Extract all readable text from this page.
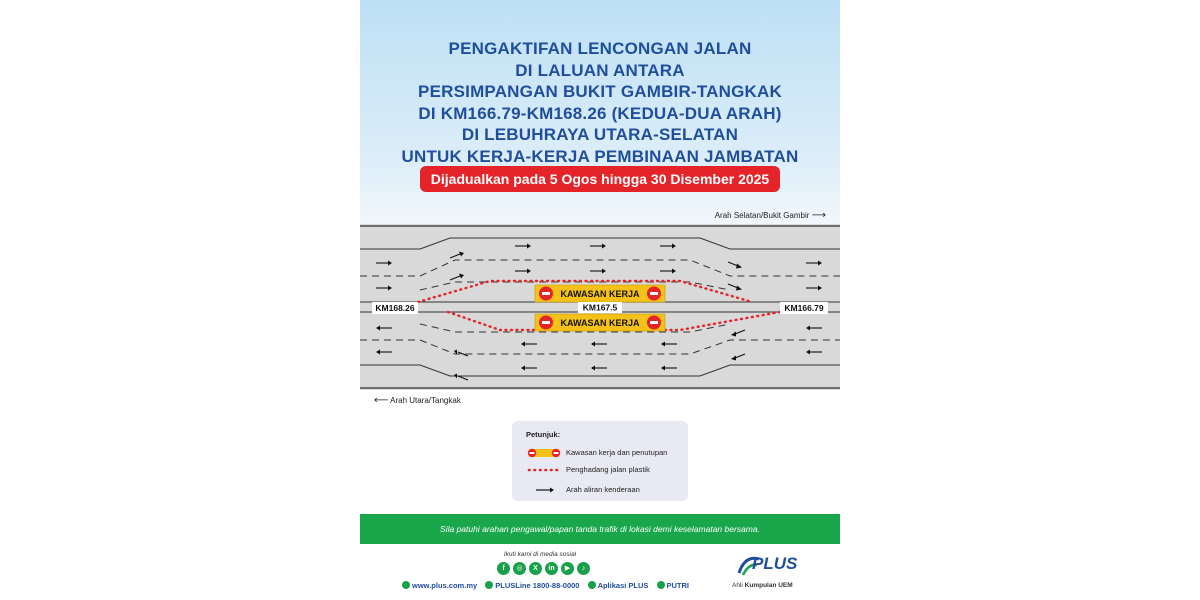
PENGAKTIFAN LENCONGAN JALAN
DI LALUAN ANTARA
PERSIMPANGAN BUKIT GAMBIR-TANGKAK
DI KM166.79-KM168.26 (KEDUA-DUA ARAH)
DI LEBUHRAYA UTARA-SELATAN
UNTUK KERJA-KERJA PEMBINAAN JAMBATAN
Dijadualkan pada 5 Ogos hingga 30 Disember 2025
Arah Selatan/Bukit Gambir ⟶
KAWASAN KERJA
KAWASAN KERJA
KM168.26	KM167.5	KM166.79
⟵ Arah Utara/Tangkak
Petunjuk:
Kawasan kerja dan penutupan
Penghadang jalan plastik
Arah aliran kenderaan
Sila patuhi arahan pengawal/papan tanda trafik di lokasi demi keselamatan bersama.
Ikuti kami di media sosial
f	◎	X	in	▶	♪
www.plus.com.my PLUSLine 1800-88-0000 Aplikasi PLUS PUTRI
PLUS
Ahli Kumpulan UEM
